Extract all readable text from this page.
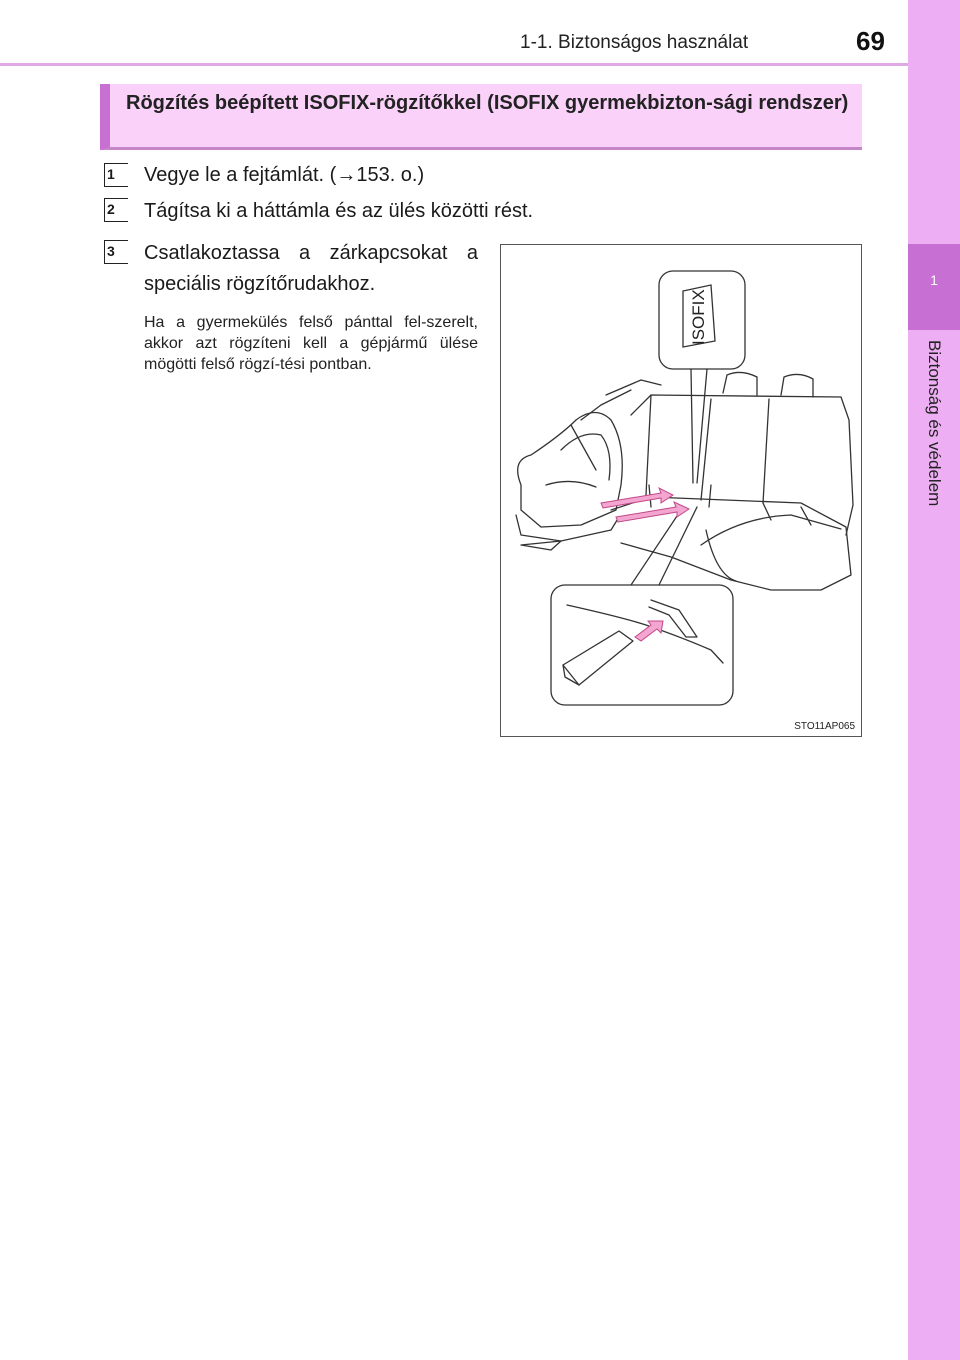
1-1. Biztonságos használat	69
1
Biztonság és védelem
Rögzítés beépített ISOFIX-rögzítőkkel (ISOFIX gyermekbizton-sági rendszer)
1	Vegye le a fejtámlát. (→153. o.)
2	Tágítsa ki a háttámla és az ülés közötti rést.
3	Csatlakoztassa a zárkapcsokat a speciális rögzítőrudakhoz.
Ha a gyermekülés felső pánttal fel-szerelt, akkor azt rögzíteni kell a gépjármű ülése mögötti felső rögzí-tési pontban.
ISOFIX
STO11AP065
